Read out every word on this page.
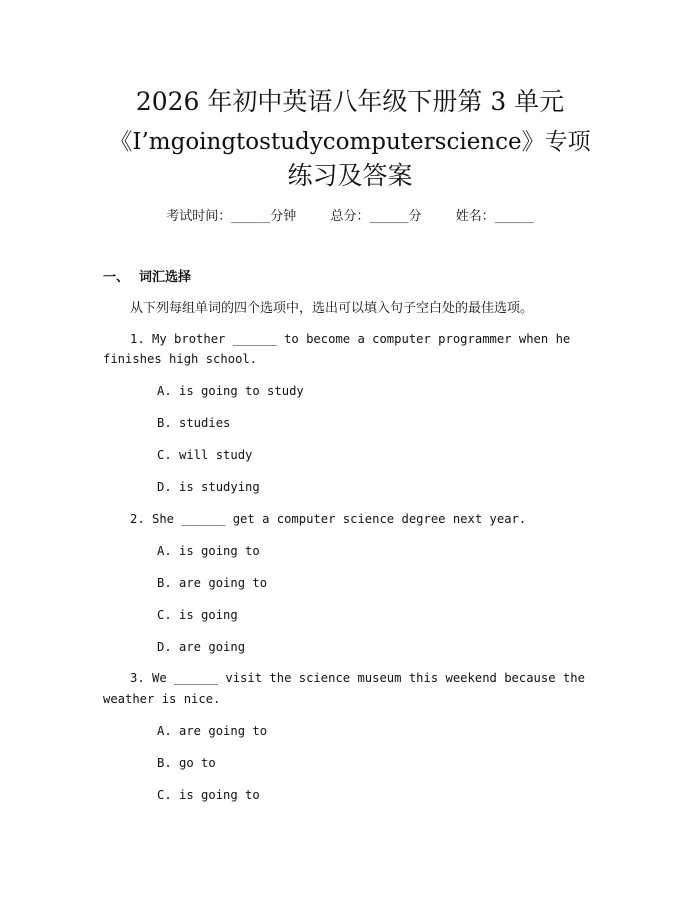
2026 年初中英语八年级下册第 3 单元
《I’mgoingtostudycomputerscience》专项
练习及答案
考试时间：______分钟	总分：______分	姓名：______
一、 词汇选择
从下列每组单词的四个选项中，选出可以填入句子空白处的最佳选项。
1. My brother ______ to become a computer programmer when he
finishes high school.
A. is going to study
B. studies
C. will study
D. is studying
2. She ______ get a computer science degree next year.
A. is going to
B. are going to
C. is going
D. are going
3. We ______ visit the science museum this weekend because the
weather is nice.
A. are going to
B. go to
C. is going to
